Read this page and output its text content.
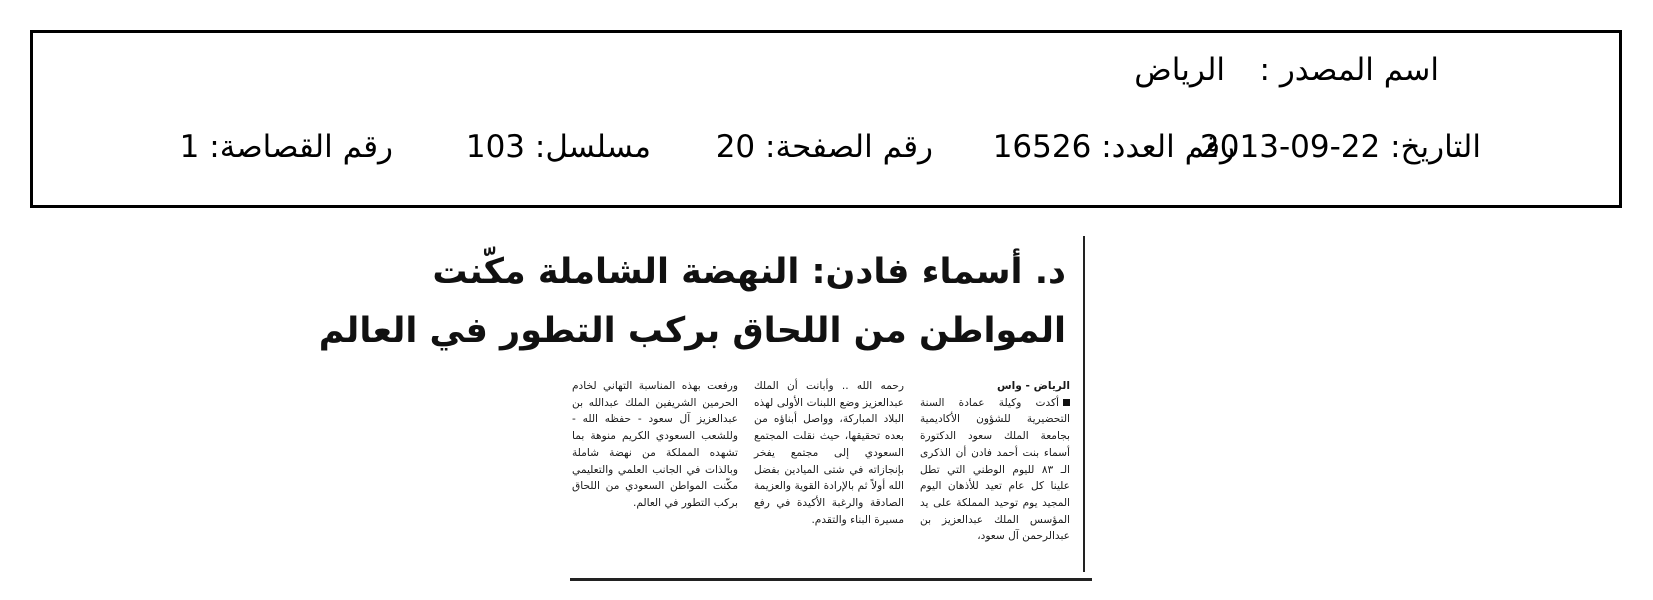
اسم المصدر :
الرياض
التاريخ: 2013-09-22
رقم العدد: 16526
رقم الصفحة: 20
مسلسل: 103
رقم القصاصة: 1
د. أسماء فادن: النهضة الشاملة مكّنت
المواطن من اللحاق بركب التطور في العالم
الرياض - واس
أكدت وكيلة عمادة السنة التحضيرية للشؤون الأكاديمية بجامعة الملك سعود الدكتورة أسماء بنت أحمد فادن أن الذكرى الـ ٨٣ لليوم الوطني التي تطل علينا كل عام تعيد للأذهان اليوم المجيد يوم توحيد المملكة على يد المؤسس الملك عبدالعزيز بن عبدالرحمن آل سعود،
رحمه الله .. وأبانت أن الملك عبدالعزيز وضع اللبنات الأولى لهذه البلاد المباركة، وواصل أبناؤه من بعده تحقيقها، حيث نقلت المجتمع السعودي إلى مجتمع يفخر بإنجازاته في شتى الميادين بفضل الله أولاً ثم بالإرادة القوية والعزيمة الصادقة والرغبة الأكيدة في رفع مسيرة البناء والتقدم.
ورفعت بهذه المناسبة التهاني لخادم الحرمين الشريفين الملك عبدالله بن عبدالعزيز آل سعود - حفظه الله - وللشعب السعودي الكريم منوهة بما تشهده المملكة من نهضة شاملة وبالذات في الجانب العلمي والتعليمي مكّنت المواطن السعودي من اللحاق بركب التطور في العالم.
